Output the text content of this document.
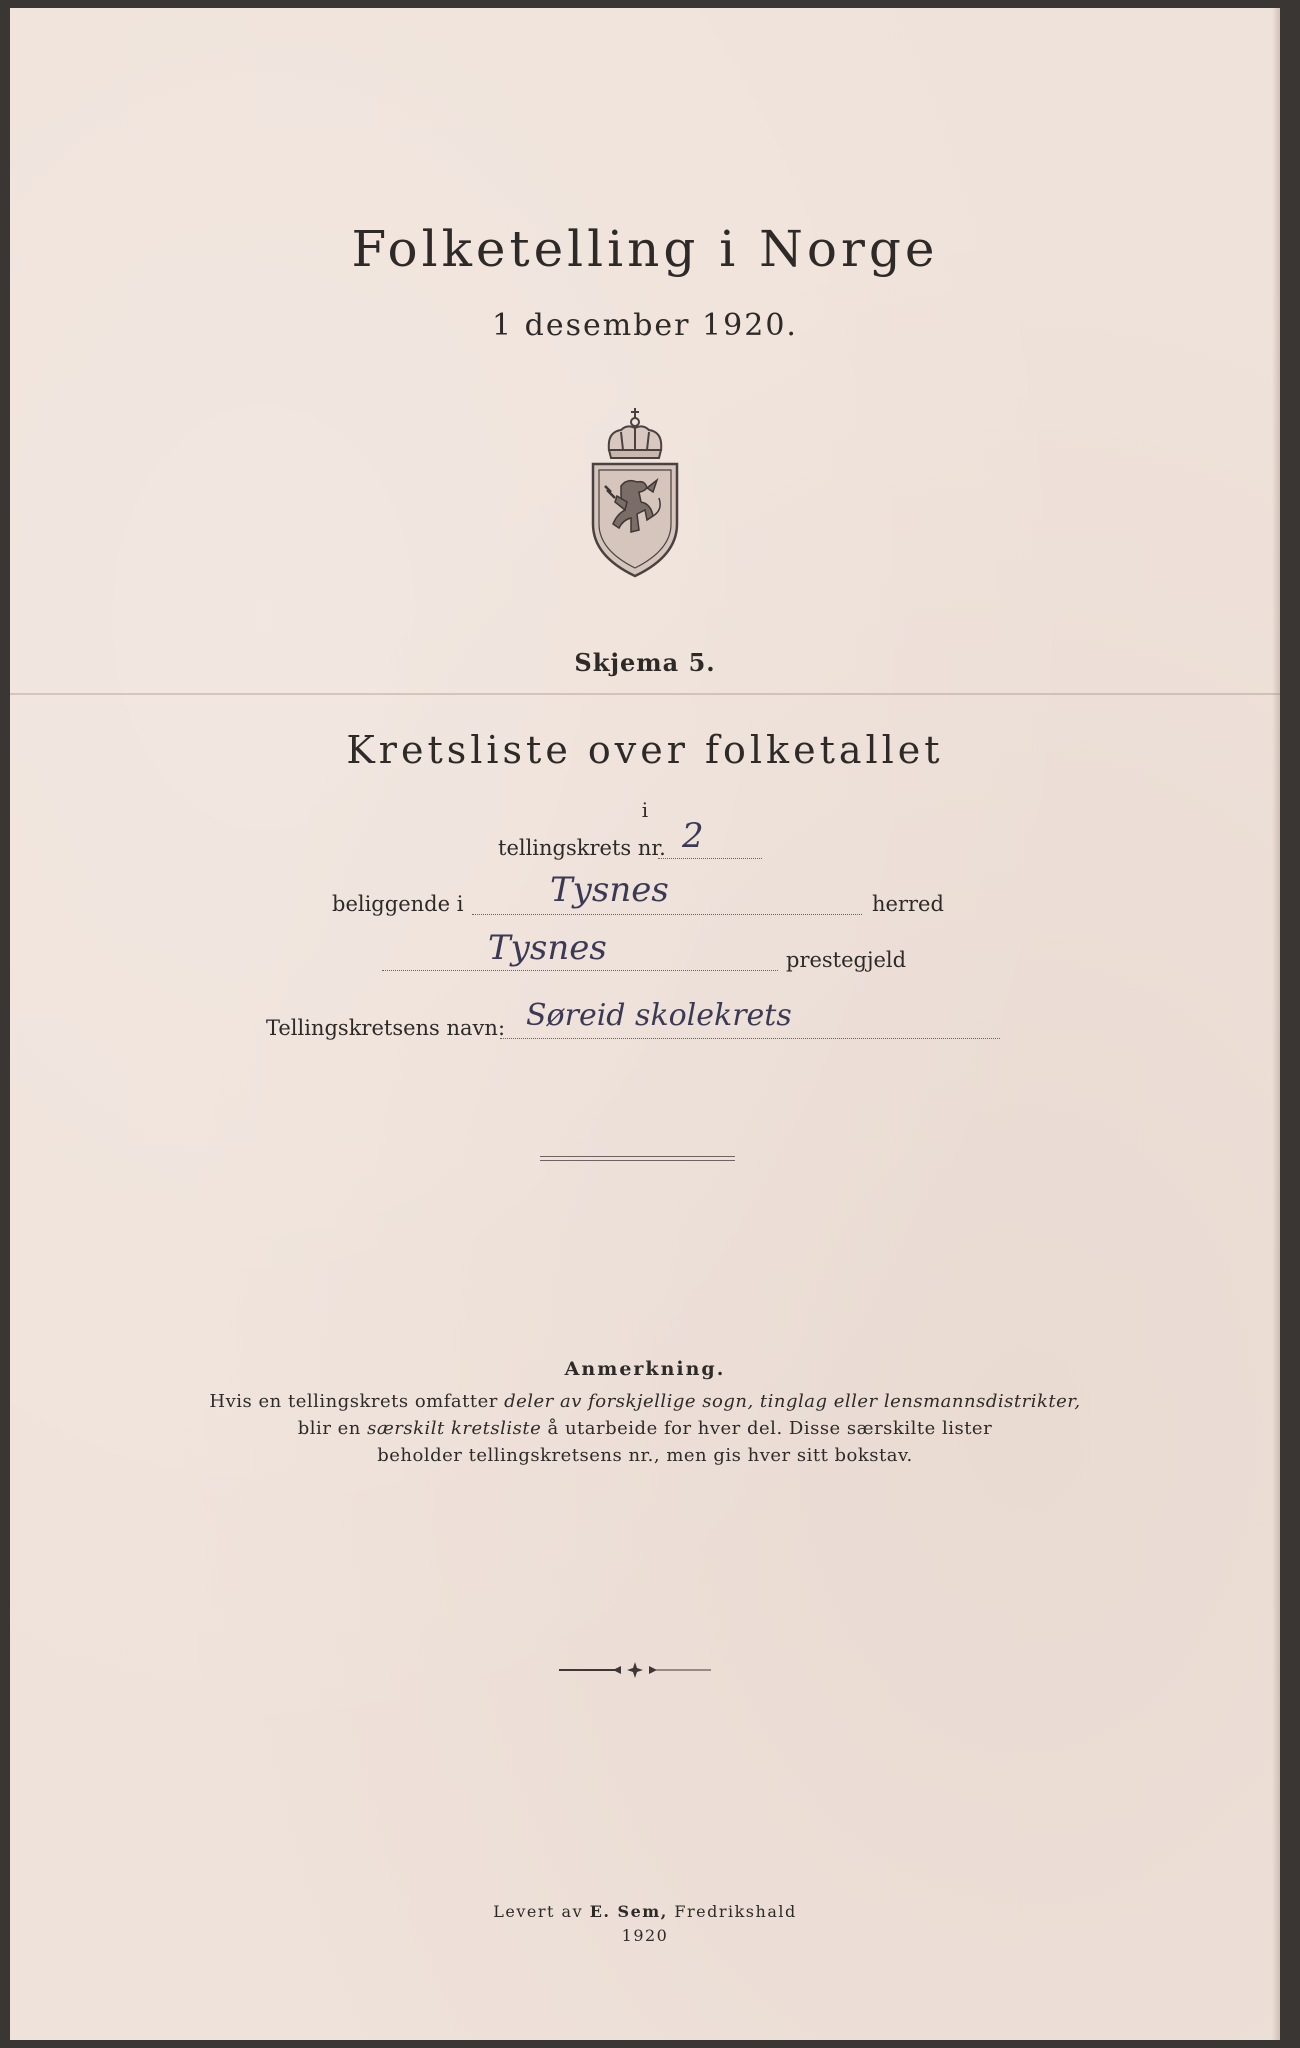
Folketelling i Norge
1 desember 1920.
Skjema 5.
Kretsliste over folketallet
i
tellingskrets nr. 2
beliggende i	Tysnes	herred
Tysnes	prestegjeld
Tellingskretsens navn: Søreid skolekrets
Anmerkning.
Hvis en tellingskrets omfatter deler av forskjellige sogn, tinglag eller lensmannsdistrikter,
blir en særskilt kretsliste å utarbeide for hver del. Disse særskilte lister
beholder tellingskretsens nr., men gis hver sitt bokstav.
Levert av E. Sem, Fredrikshald
1920
